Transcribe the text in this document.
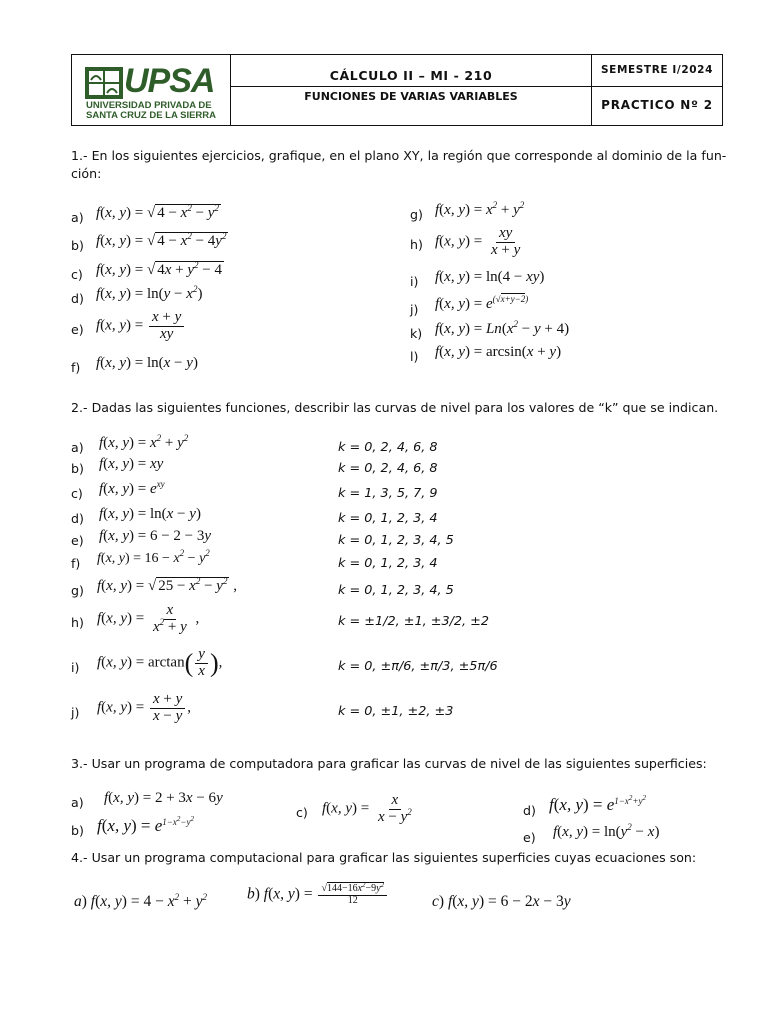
UPSA
UNIVERSIDAD PRIVADA DE
SANTA CRUZ DE LA SIERRA
CÁLCULO II – MI - 210
FUNCIONES DE VARIAS VARIABLES
SEMESTRE I/2024
PRACTICO Nº 2
1.- En los siguientes ejercicios, grafique, en el plano XY, la región que corresponde al dominio de la fun-
ción:
a) f(x, y) = √ $4 - x^2 - y^2$
b) f(x, y) = √ $4 - x^2 - 4y^2$
c) f(x, y) = √ $4x + y^2 - 4$
d) f(x, $y) = \ln(y - x^2)$
e) f(x, $y) = \frac{x + y}{xy}$
f) f(x, y) = ln(x − y)
g) f(x, $y) = x^2 + y^2$
h) f(x, $y) = \frac{xy}{x + y}$
i) f(x, y) = ln(4 − xy)
j) f(x, $y) = e^{(√x+y-2)}$
k) f(x, $y) = Ln(x^2 - y + 4)$
l) f(x, y) = arcsin(x + y)
2.- Dadas las siguientes funciones, describir las curvas de nivel para los valores de “k” que se indican.
a) f(x, $y) = x^2 + y^2$
k = 0, 2, 4, 6, 8
b) f(x, y) = xy	k = 0, 2, 4, 6, 8
c) f(x, $y) = e^{xy}$
k = 1, 3, 5, 7, 9
d) f(x, y) = ln(x − y)	k = 0, 1, 2, 3, 4
e) f(x, y) = 6 − 2 − 3y	k = 0, 1, 2, 3, 4, 5
f) f(x, $y) = 16 - x^2 - y^2$
k = 0, 1, 2, 3, 4
g) f(x, y) = √ $25 - x^2 - y^2$ ,	k = 0, 1, 2, 3, 4, 5
h) f(x, $y) = \frac{x}{x^2 + y}$ ,	k = ±1/2, ±1, ±3/2, ±2
i) f(x, $y) = \arctan( \frac{y}{x}$ ),	k = 0, ±π/6, ±π/3, ±5π/6
j) f(x, $y) = \frac{x + y}{x - y}$ ,	k = 0, ±1, ±2, ±3
3.- Usar un programa de computadora para graficar las curvas de nivel de las siguientes superficies:
a) f(x, y) = 2 + 3x − 6y
b) f(x, $y) = e^{1-x^2-y^2}$	c) f(x, $y) = \frac{x}{x - y^2}$	d) f(x, $y) = e^{1-x^2+y^2}$
e) f(x, $y) = \ln(y^2 - x)$
4.- Usar un programa computacional para graficar las siguientes superficies cuyas ecuaciones son:
a) f(x, $y) = 4 - x^2 + y^2$	b) f(x, $y) = \frac{√144-16x^2-9y^2}{12}$	c) f(x, y) = 6 − 2x − 3y
